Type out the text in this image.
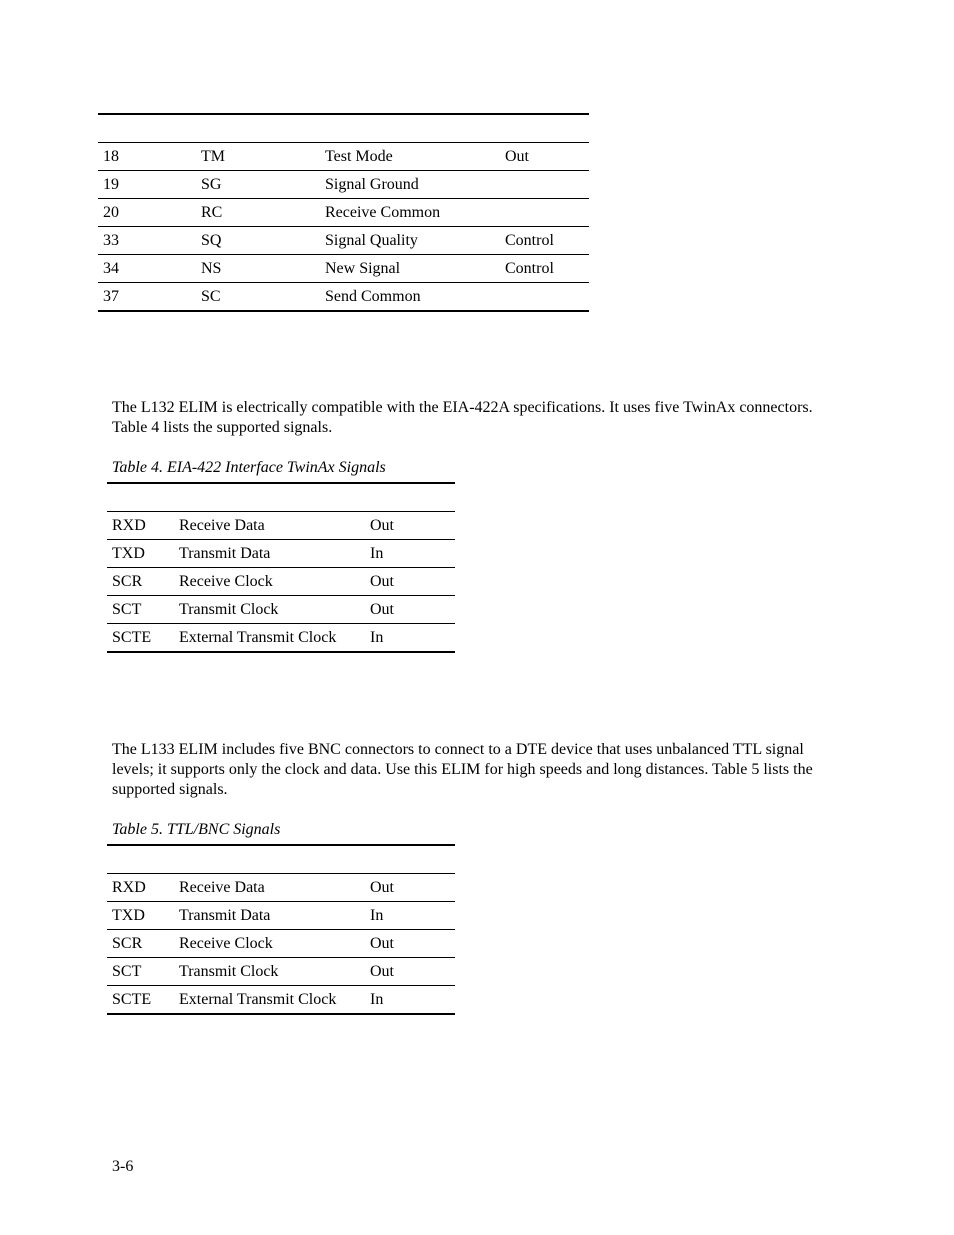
18	TM	Test Mode	Out
19	SG	Signal Ground	
20	RC	Receive Common	
33	SQ	Signal Quality	Control
34	NS	New Signal	Control
37	SC	Send Common	
The L132 ELIM is electrically compatible with the EIA-422A specifications. It uses five TwinAx connectors. Table 4 lists the supported signals.
Table 4. EIA-422 Interface TwinAx Signals

RXD	Receive Data	Out
TXD	Transmit Data	In
SCR	Receive Clock	Out
SCT	Transmit Clock	Out
SCTE	External Transmit Clock	In
The L133 ELIM includes five BNC connectors to connect to a DTE device that uses unbalanced TTL signal levels; it supports only the clock and data. Use this ELIM for high speeds and long distances. Table 5 lists the supported signals.
Table 5. TTL/BNC Signals

RXD	Receive Data	Out
TXD	Transmit Data	In
SCR	Receive Clock	Out
SCT	Transmit Clock	Out
SCTE	External Transmit Clock	In
3-6
